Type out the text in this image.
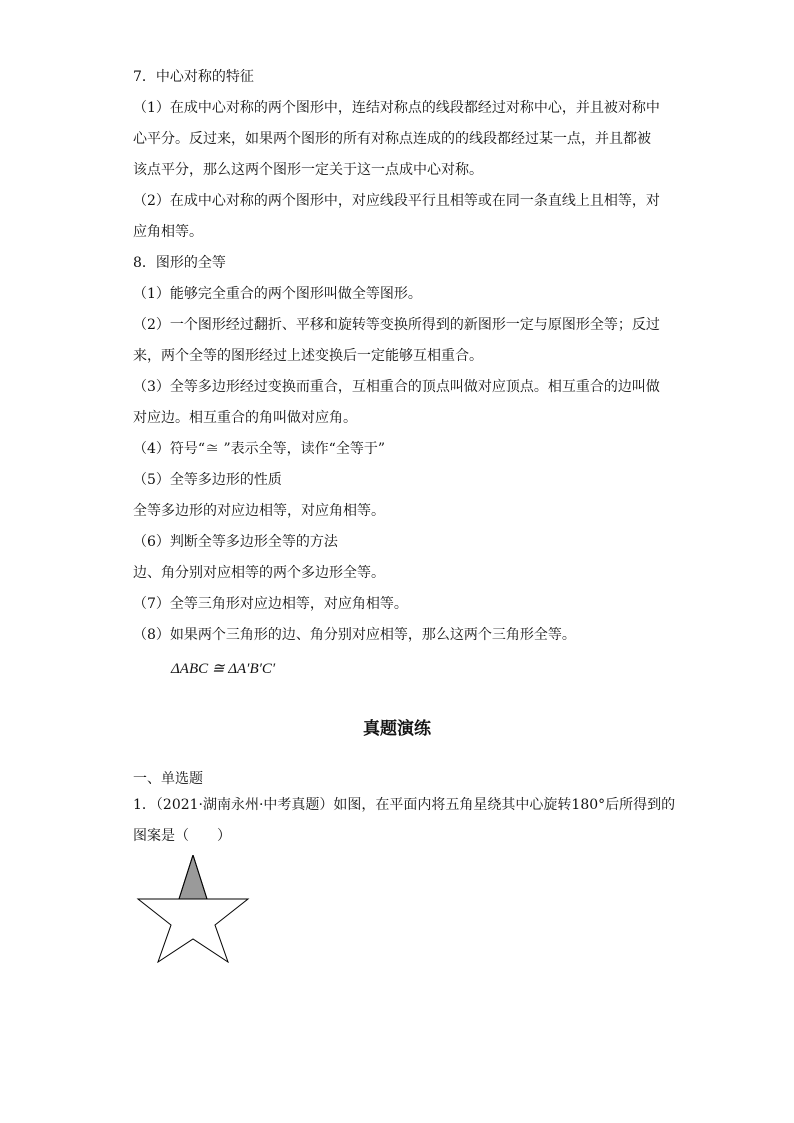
7．中心对称的特征
（1）在成中心对称的两个图形中，连结对称点的线段都经过对称中心，并且被对称中
心平分。反过来，如果两个图形的所有对称点连成的的线段都经过某一点，并且都被
该点平分，那么这两个图形一定关于这一点成中心对称。
（2）在成中心对称的两个图形中，对应线段平行且相等或在同一条直线上且相等，对
应角相等。
8．图形的全等
（1）能够完全重合的两个图形叫做全等图形。
（2）一个图形经过翻折、平移和旋转等变换所得到的新图形一定与原图形全等；反过
来，两个全等的图形经过上述变换后一定能够互相重合。
（3）全等多边形经过变换而重合，互相重合的顶点叫做对应顶点。相互重合的边叫做
对应边。相互重合的角叫做对应角。
（4）符号“≅ ”表示全等，读作“全等于”
（5）全等多边形的性质
全等多边形的对应边相等，对应角相等。
（6）判断全等多边形全等的方法
边、角分别对应相等的两个多边形全等。
（7）全等三角形对应边相等，对应角相等。
（8）如果两个三角形的边、角分别对应相等，那么这两个三角形全等。
ΔABC ≅ ΔA′B′C′
真题演练
一、单选题
1．（2021·湖南永州·中考真题）如图，在平面内将五角星绕其中心旋转180°后所得到的
图案是（　　）
